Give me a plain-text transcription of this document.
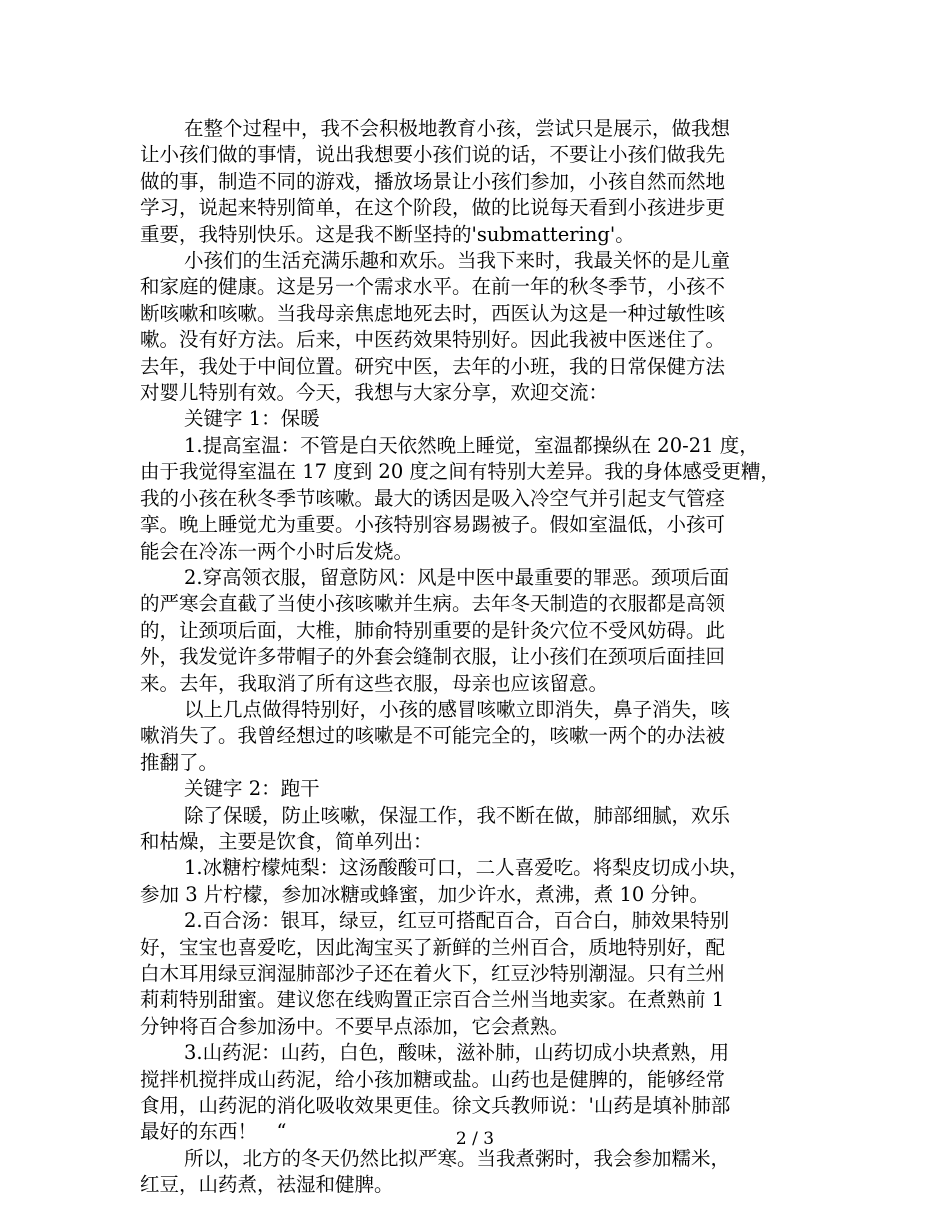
在整个过程中，我不会积极地教育小孩，尝试只是展示，做我想
让小孩们做的事情，说出我想要小孩们说的话，不要让小孩们做我先
做的事，制造不同的游戏，播放场景让小孩们参加，小孩自然而然地
学习，说起来特别简单，在这个阶段，做的比说每天看到小孩进步更
重要，我特别快乐。这是我不断坚持的'submattering'。
小孩们的生活充满乐趣和欢乐。当我下来时，我最关怀的是儿童
和家庭的健康。这是另一个需求水平。在前一年的秋冬季节，小孩不
断咳嗽和咳嗽。当我母亲焦虑地死去时，西医认为这是一种过敏性咳
嗽。没有好方法。后来，中医药效果特别好。因此我被中医迷住了。
去年，我处于中间位置。研究中医，去年的小班，我的日常保健方法
对婴儿特别有效。今天，我想与大家分享，欢迎交流：
关键字 1：保暖
1.提高室温：不管是白天依然晚上睡觉，室温都操纵在 20-21 度，
由于我觉得室温在 17 度到 20 度之间有特别大差异。我的身体感受更糟，
我的小孩在秋冬季节咳嗽。最大的诱因是吸入冷空气并引起支气管痉
挛。晚上睡觉尤为重要。小孩特别容易踢被子。假如室温低，小孩可
能会在冷冻一两个小时后发烧。
2.穿高领衣服，留意防风：风是中医中最重要的罪恶。颈项后面
的严寒会直截了当使小孩咳嗽并生病。去年冬天制造的衣服都是高领
的，让颈项后面，大椎，肺俞特别重要的是针灸穴位不受风妨碍。此
外，我发觉许多带帽子的外套会缝制衣服，让小孩们在颈项后面挂回
来。去年，我取消了所有这些衣服，母亲也应该留意。
以上几点做得特别好，小孩的感冒咳嗽立即消失，鼻子消失，咳
嗽消失了。我曾经想过的咳嗽是不可能完全的，咳嗽一两个的办法被
推翻了。
关键字 2：跑干
除了保暖，防止咳嗽，保湿工作，我不断在做，肺部细腻，欢乐
和枯燥，主要是饮食，简单列出：
1.冰糖柠檬炖梨：这汤酸酸可口，二人喜爱吃。将梨皮切成小块，
参加 3 片柠檬，参加冰糖或蜂蜜，加少许水，煮沸，煮 10 分钟。
2.百合汤：银耳，绿豆，红豆可搭配百合，百合白，肺效果特别
好，宝宝也喜爱吃，因此淘宝买了新鲜的兰州百合，质地特别好，配
白木耳用绿豆润湿肺部沙子还在着火下，红豆沙特别潮湿。只有兰州
莉莉特别甜蜜。建议您在线购置正宗百合兰州当地卖家。在煮熟前 1
分钟将百合参加汤中。不要早点添加，它会煮熟。
3.山药泥：山药，白色，酸味，滋补肺，山药切成小块煮熟，用
搅拌机搅拌成山药泥，给小孩加糖或盐。山药也是健脾的，能够经常
食用，山药泥的消化吸收效果更佳。徐文兵教师说：'山药是填补肺部
最好的东西！　“
所以，北方的冬天仍然比拟严寒。当我煮粥时，我会参加糯米，
红豆，山药煮，祛湿和健脾。
2 / 3
